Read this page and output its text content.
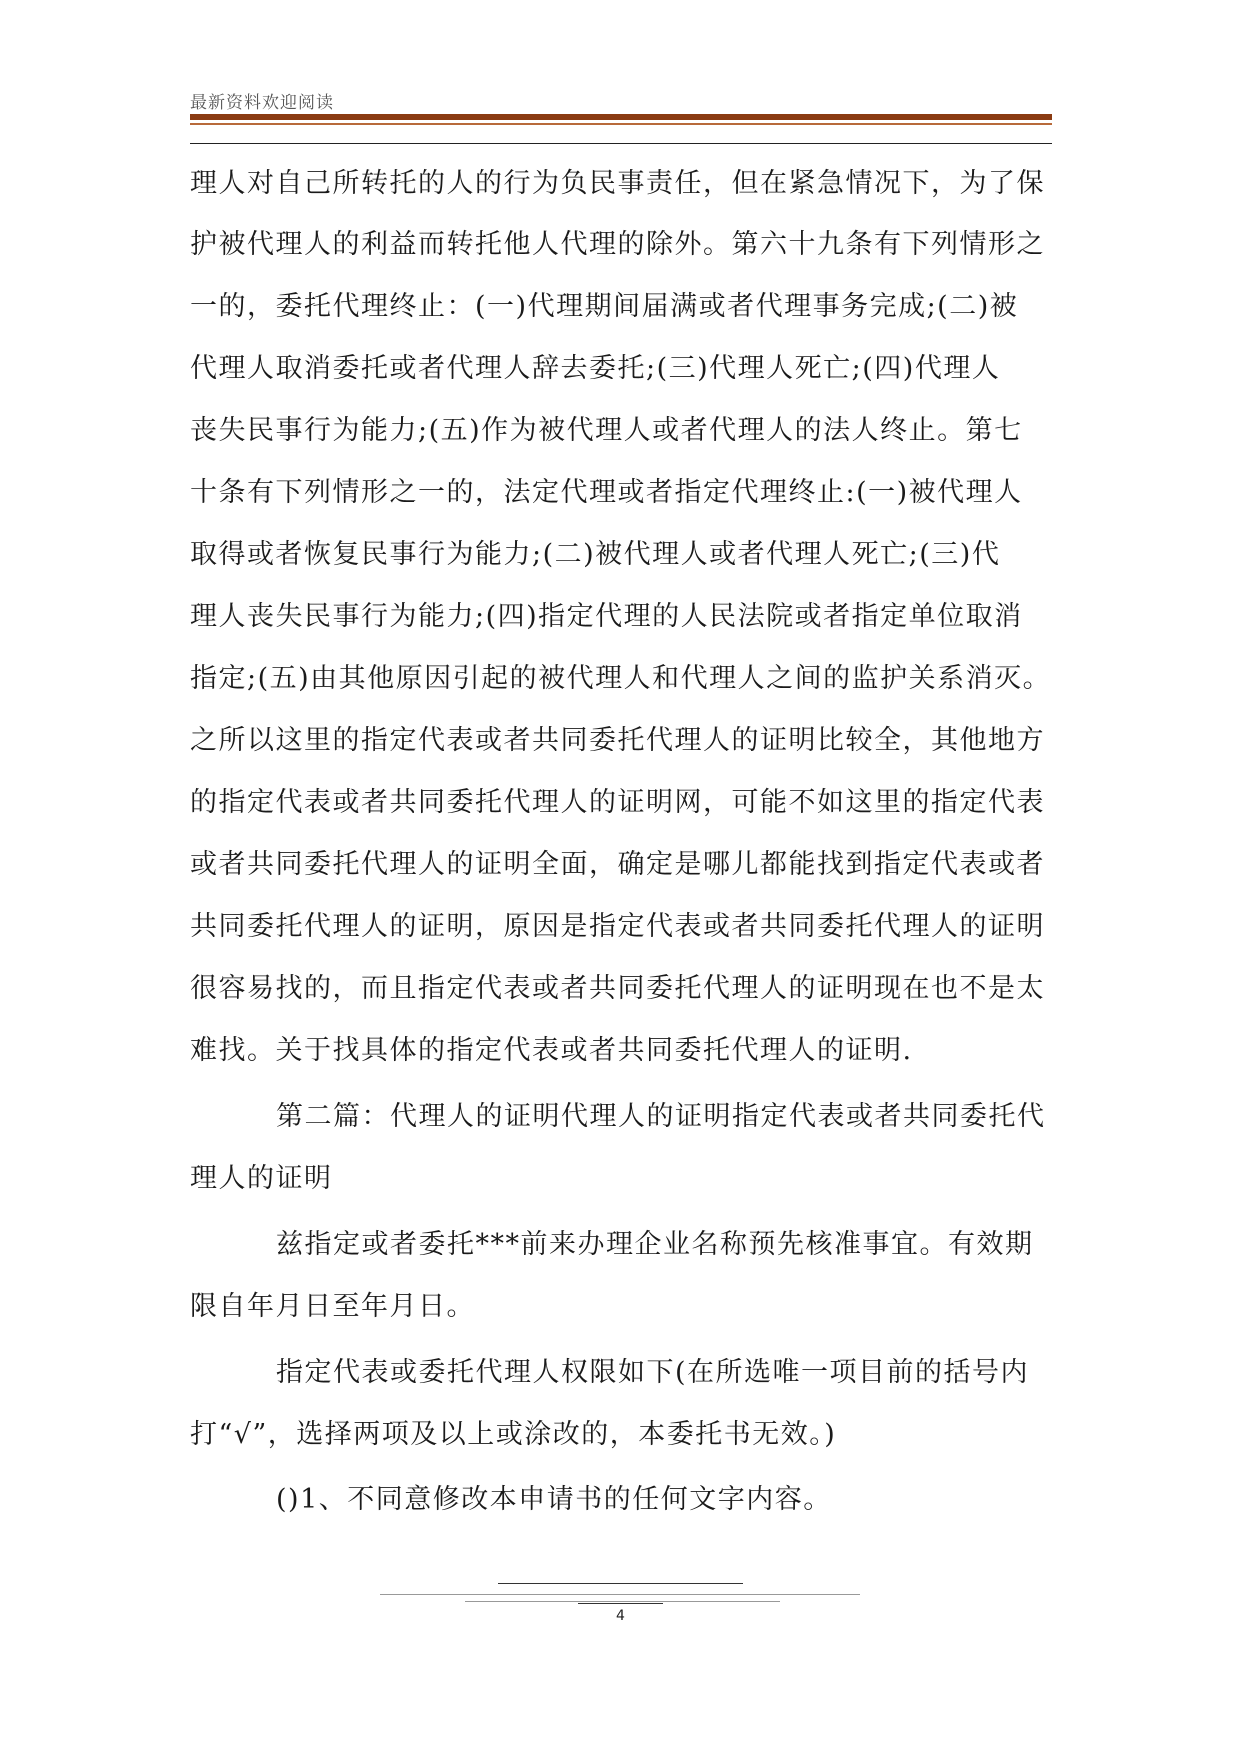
最新资料欢迎阅读
理人对自己所转托的人的行为负民事责任，但在紧急情况下，为了保
护被代理人的利益而转托他人代理的除外。第六十九条有下列情形之
一的，委托代理终止：(一)代理期间届满或者代理事务完成;(二)被
代理人取消委托或者代理人辞去委托;(三)代理人死亡;(四)代理人
丧失民事行为能力;(五)作为被代理人或者代理人的法人终止。第七
十条有下列情形之一的，法定代理或者指定代理终止:(一)被代理人
取得或者恢复民事行为能力;(二)被代理人或者代理人死亡;(三)代
理人丧失民事行为能力;(四)指定代理的人民法院或者指定单位取消
指定;(五)由其他原因引起的被代理人和代理人之间的监护关系消灭。
之所以这里的指定代表或者共同委托代理人的证明比较全，其他地方
的指定代表或者共同委托代理人的证明网，可能不如这里的指定代表
或者共同委托代理人的证明全面，确定是哪儿都能找到指定代表或者
共同委托代理人的证明，原因是指定代表或者共同委托代理人的证明
很容易找的，而且指定代表或者共同委托代理人的证明现在也不是太
难找。关于找具体的指定代表或者共同委托代理人的证明.
第二篇：代理人的证明代理人的证明指定代表或者共同委托代
理人的证明
兹指定或者委托***前来办理企业名称预先核准事宜。有效期
限自年月日至年月日。
指定代表或委托代理人权限如下(在所选唯一项目前的括号内
打“√”，选择两项及以上或涂改的，本委托书无效。)
()1、不同意修改本申请书的任何文字内容。
4
